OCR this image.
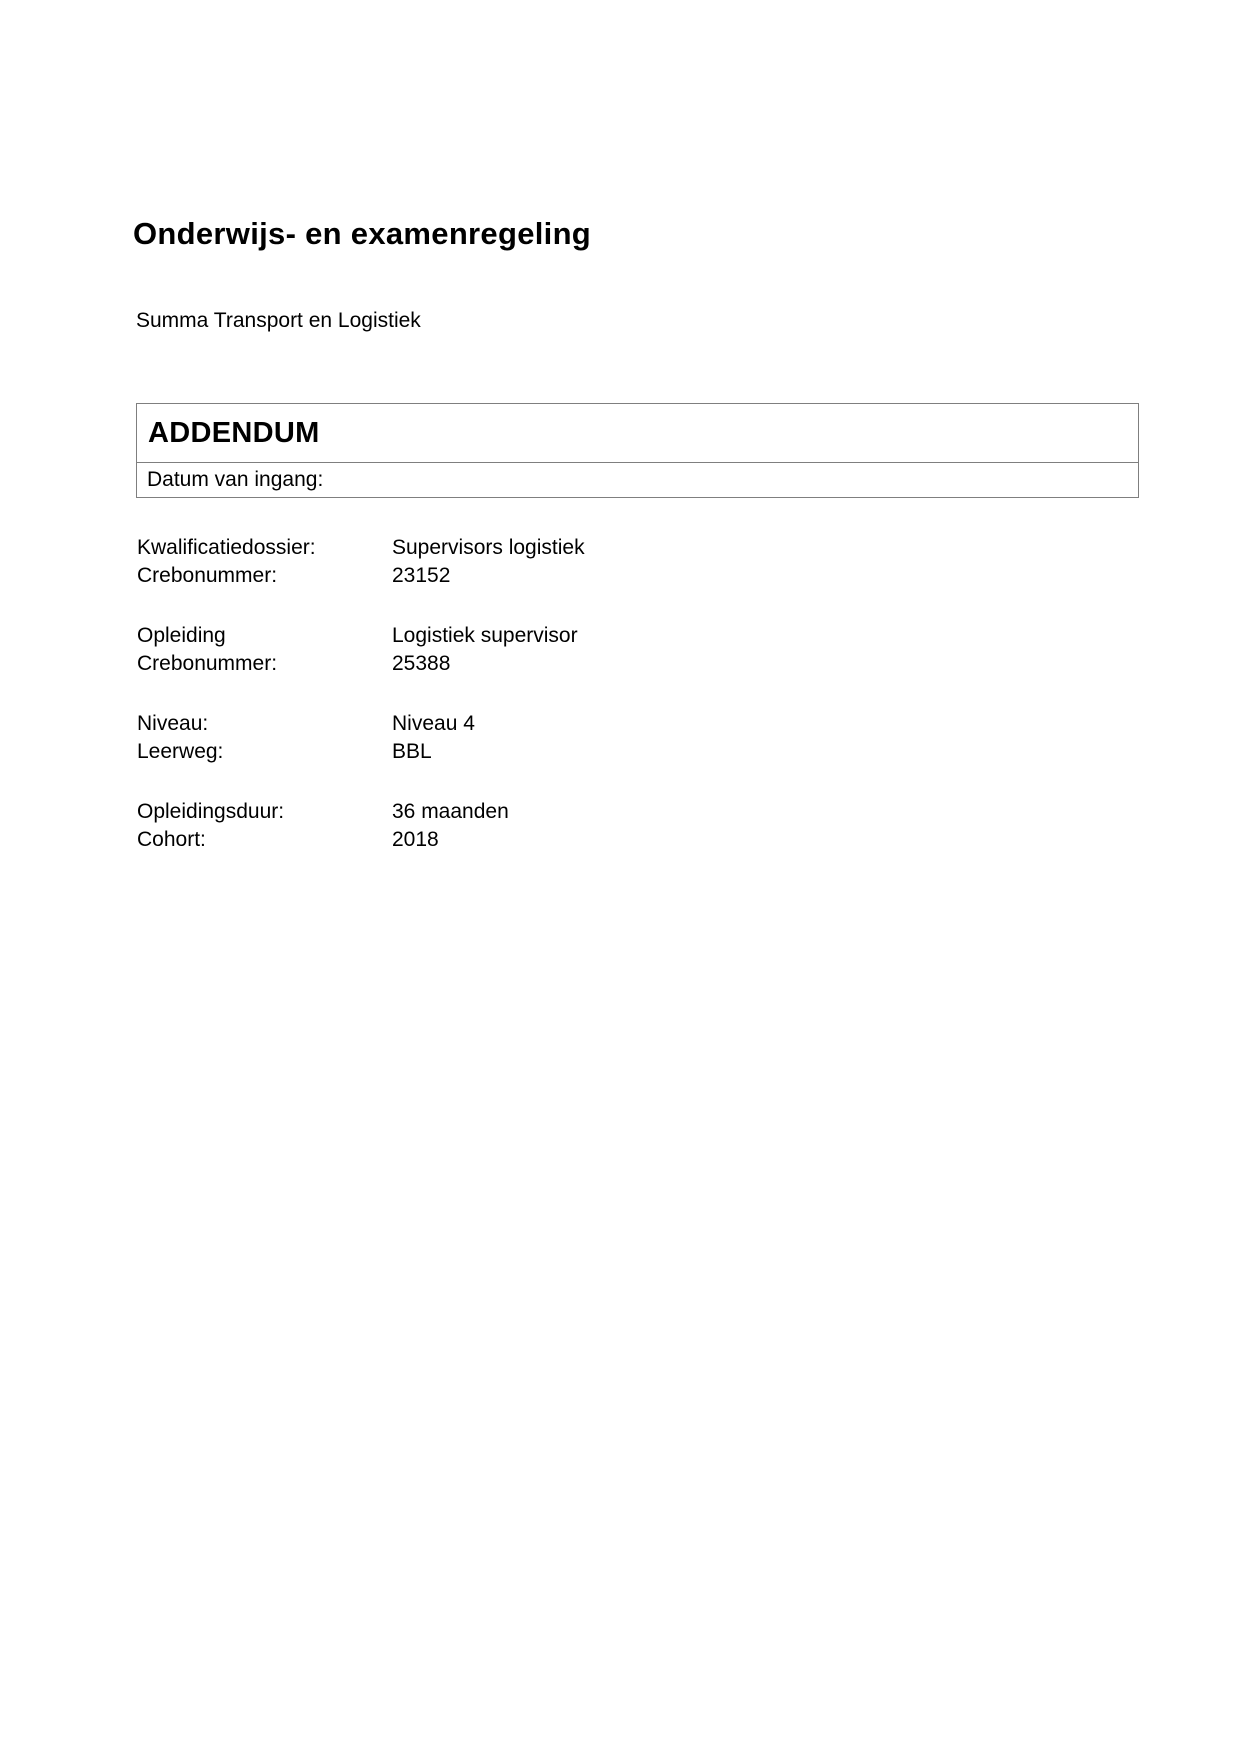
Onderwijs- en examenregeling
Summa Transport en Logistiek
ADDENDUM
Datum van ingang:
Kwalificatiedossier:	Supervisors logistiek
Crebonummer:	23152
Opleiding	Logistiek supervisor
Crebonummer:	25388
Niveau:	Niveau 4
Leerweg:	BBL
Opleidingsduur:	36 maanden
Cohort:	2018
